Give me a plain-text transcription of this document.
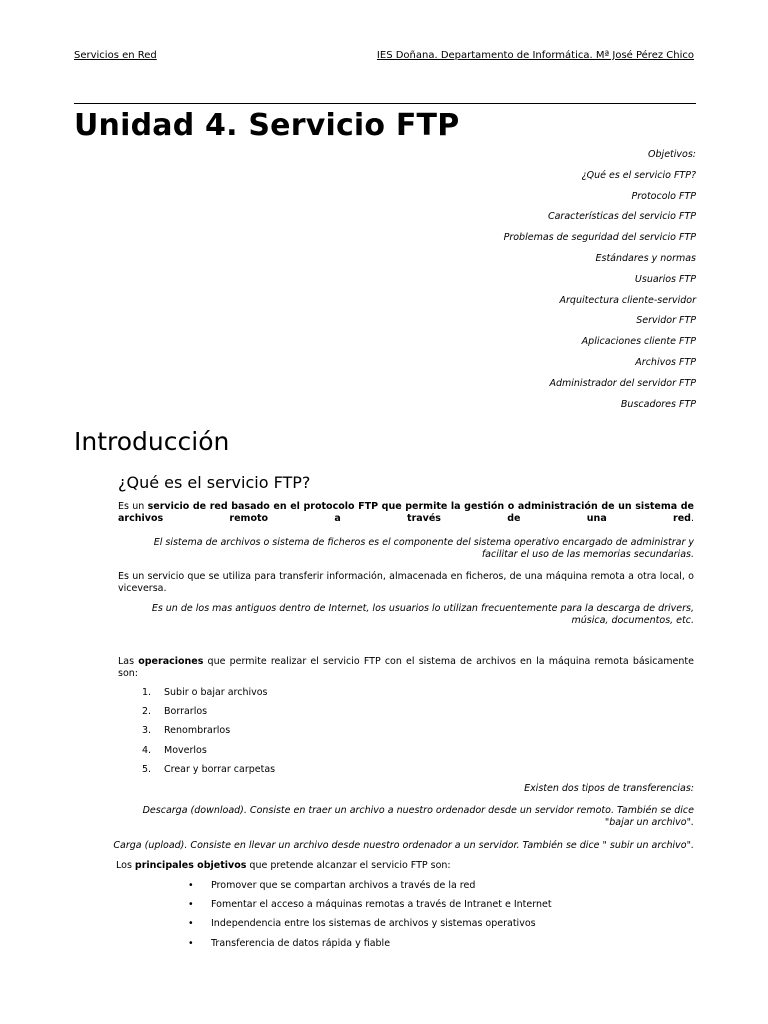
Servicios en Red	IES Doñana. Departamento de Informática. Mª José Pérez Chico
Unidad 4. Servicio FTP
Objetivos:
¿Qué es el servicio FTP?
Protocolo FTP
Características del servicio FTP
Problemas de seguridad del servicio FTP
Estándares y normas
Usuarios FTP
Arquitectura cliente-servidor
Servidor FTP
Aplicaciones cliente FTP
Archivos FTP
Administrador del servidor FTP
Buscadores FTP
Introducción
¿Qué es el servicio FTP?
Es un servicio de red basado en el protocolo FTP que permite la gestión o administración de un sistema de archivos remoto a través de una red.
El sistema de archivos o sistema de ficheros es el componente del sistema operativo encargado de administrar y facilitar el uso de las memorias secundarias.
Es un servicio que se utiliza para transferir información, almacenada en ficheros, de una máquina remota a otra local, o viceversa.
Es un de los mas antiguos dentro de Internet, los usuarios lo utilizan frecuentemente para la descarga de drivers, música, documentos, etc.
Las operaciones que permite realizar el servicio FTP con el sistema de archivos en la máquina remota básicamente son:
1.	Subir o bajar archivos
2.	Borrarlos
3.	Renombrarlos
4.	Moverlos
5.	Crear y borrar carpetas
Existen dos tipos de transferencias:
Descarga (download). Consiste en traer un archivo a nuestro ordenador desde un servidor remoto. También se dice "bajar un archivo".
Carga (upload). Consiste en llevar un archivo desde nuestro ordenador a un servidor. También se dice " subir un archivo".
Los principales objetivos que pretende alcanzar el servicio FTP son:
•	Promover que se compartan archivos a través de la red
•	Fomentar el acceso a máquinas remotas a través de Intranet e Internet
•	Independencia entre los sistemas de archivos y sistemas operativos
•	Transferencia de datos rápida y fiable
